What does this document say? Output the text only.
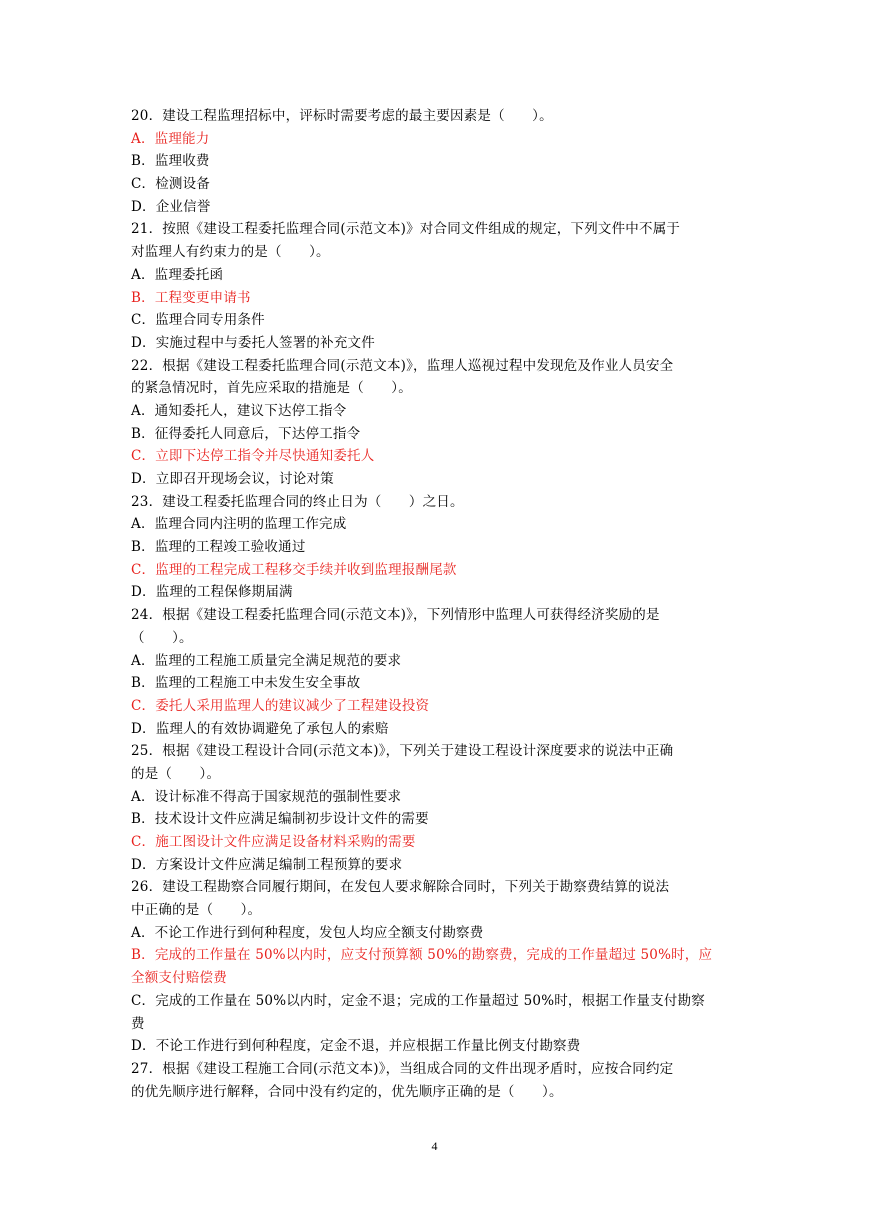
20．建设工程监理招标中，评标时需要考虑的最主要因素是（　　）。
A．监理能力
B．监理收费
C．检测设备
D．企业信誉
21．按照《建设工程委托监理合同(示范文本)》对合同文件组成的规定，下列文件中不属于
对监理人有约束力的是（　　）。
A．监理委托函
B．工程变更申请书
C．监理合同专用条件
D．实施过程中与委托人签署的补充文件
22．根据《建设工程委托监理合同(示范文本)》，监理人巡视过程中发现危及作业人员安全
的紧急情况时，首先应采取的措施是（　　）。
A．通知委托人，建议下达停工指令
B．征得委托人同意后，下达停工指令
C．立即下达停工指令并尽快通知委托人
D．立即召开现场会议，讨论对策
23．建设工程委托监理合同的终止日为（　　）之日。
A．监理合同内注明的监理工作完成
B．监理的工程竣工验收通过
C．监理的工程完成工程移交手续并收到监理报酬尾款
D．监理的工程保修期届满
24．根据《建设工程委托监理合同(示范文本)》，下列情形中监理人可获得经济奖励的是
（　　）。
A．监理的工程施工质量完全满足规范的要求
B．监理的工程施工中未发生安全事故
C．委托人采用监理人的建议减少了工程建设投资
D．监理人的有效协调避免了承包人的索赔
25．根据《建设工程设计合同(示范文本)》，下列关于建设工程设计深度要求的说法中正确
的是（　　）。
A．设计标准不得高于国家规范的强制性要求
B．技术设计文件应满足编制初步设计文件的需要
C．施工图设计文件应满足设备材料采购的需要
D．方案设计文件应满足编制工程预算的要求
26．建设工程勘察合同履行期间，在发包人要求解除合同时，下列关于勘察费结算的说法
中正确的是（　　）。
A．不论工作进行到何种程度，发包人均应全额支付勘察费
B．完成的工作量在 50%以内时，应支付预算额 50%的勘察费，完成的工作量超过 50%时，应
全额支付赔偿费
C．完成的工作量在 50%以内时，定金不退；完成的工作量超过 50%时，根据工作量支付勘察
费
D．不论工作进行到何种程度，定金不退，并应根据工作量比例支付勘察费
27．根据《建设工程施工合同(示范文本)》，当组成合同的文件出现矛盾时，应按合同约定
的优先顺序进行解释，合同中没有约定的，优先顺序正确的是（　　）。
4
